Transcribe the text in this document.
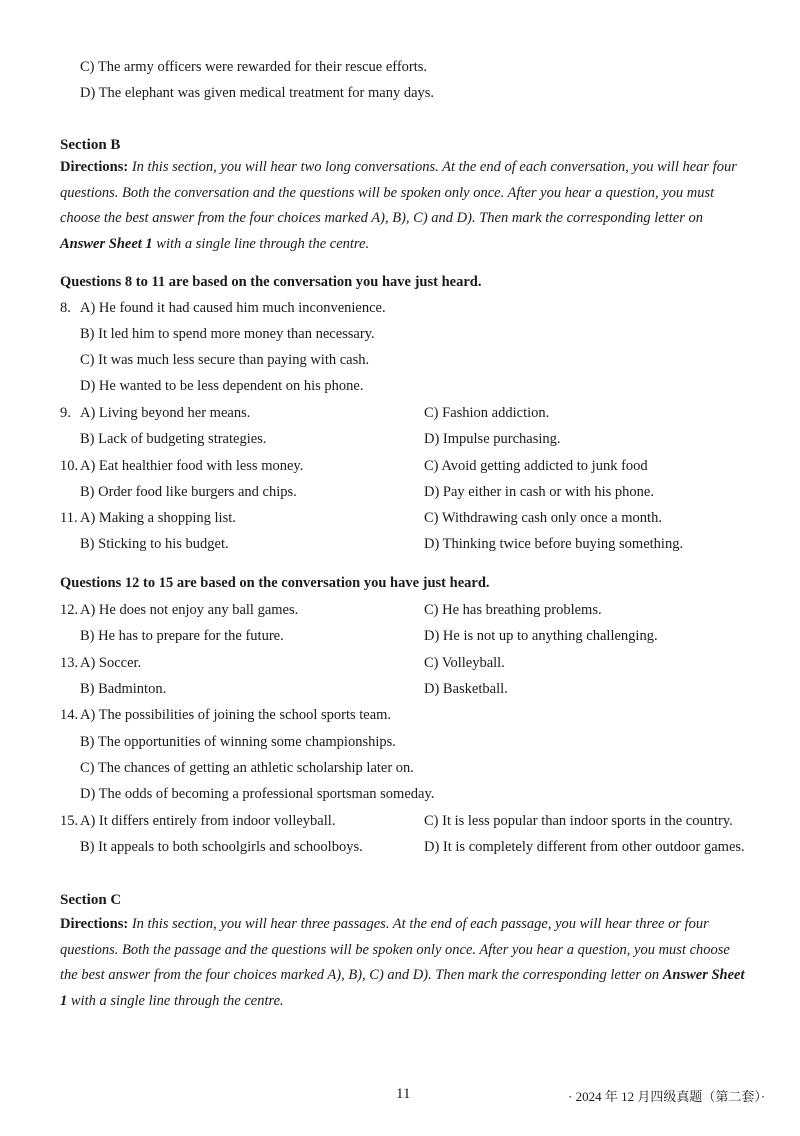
C) The army officers were rewarded for their rescue efforts.
D) The elephant was given medical treatment for many days.
Section B
Directions: In this section, you will hear two long conversations. At the end of each conversation, you will hear four questions. Both the conversation and the questions will be spoken only once. After you hear a question, you must choose the best answer from the four choices marked A), B), C) and D). Then mark the corresponding letter on Answer Sheet 1 with a single line through the centre.
Questions 8 to 11 are based on the conversation you have just heard.
8. A) He found it had caused him much inconvenience.
B) It led him to spend more money than necessary.
C) It was much less secure than paying with cash.
D) He wanted to be less dependent on his phone.
9. A) Living beyond her means.	C) Fashion addiction.
B) Lack of budgeting strategies.	D) Impulse purchasing.
10. A) Eat healthier food with less money.	C) Avoid getting addicted to junk food
B) Order food like burgers and chips.	D) Pay either in cash or with his phone.
11. A) Making a shopping list.	C) Withdrawing cash only once a month.
B) Sticking to his budget.	D) Thinking twice before buying something.
Questions 12 to 15 are based on the conversation you have just heard.
12. A) He does not enjoy any ball games.	C) He has breathing problems.
B) He has to prepare for the future.	D) He is not up to anything challenging.
13. A) Soccer.	C) Volleyball.
B) Badminton.	D) Basketball.
14. A) The possibilities of joining the school sports team.
B) The opportunities of winning some championships.
C) The chances of getting an athletic scholarship later on.
D) The odds of becoming a professional sportsman someday.
15. A) It differs entirely from indoor volleyball.	C) It is less popular than indoor sports in the country.
B) It appeals to both schoolgirls and schoolboys.	D) It is completely different from other outdoor games.
Section C
Directions: In this section, you will hear three passages. At the end of each passage, you will hear three or four questions. Both the passage and the questions will be spoken only once. After you hear a question, you must choose the best answer from the four choices marked A), B), C) and D). Then mark the corresponding letter on Answer Sheet 1 with a single line through the centre.
11	· 2024 年 12 月四级真题（第二套）·
